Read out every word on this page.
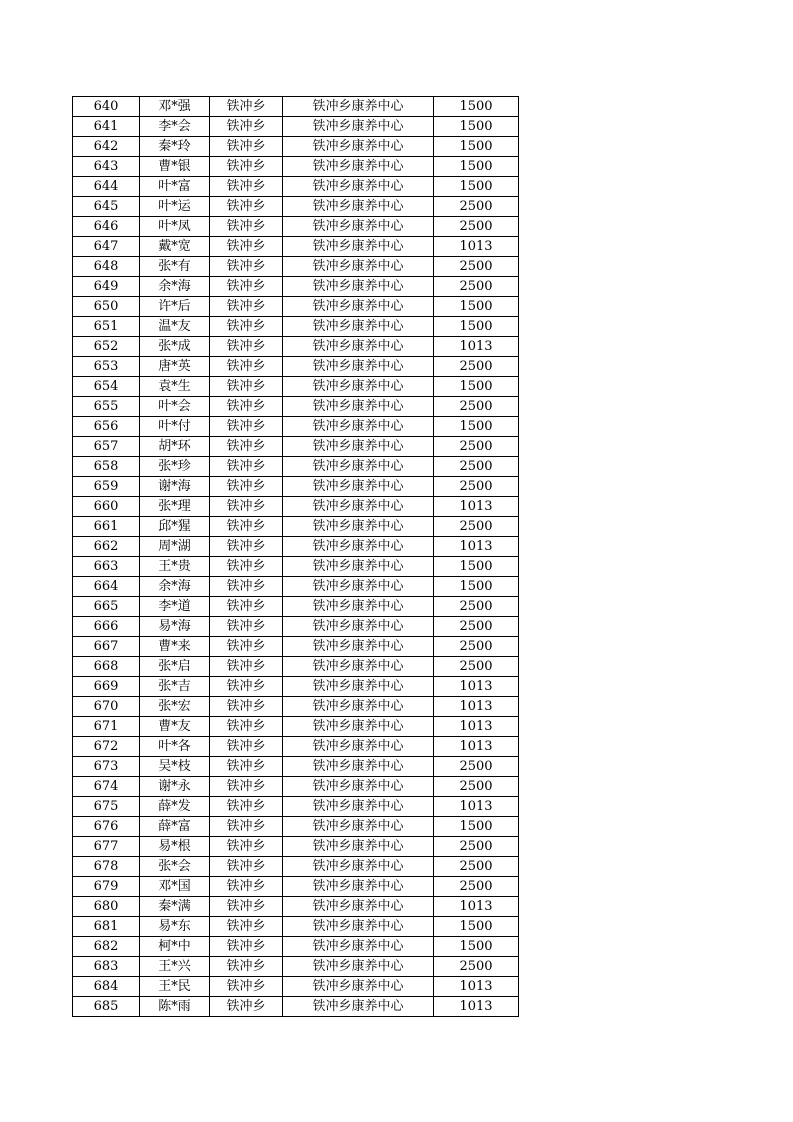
640	邓*强	铁冲乡	铁冲乡康养中心	1500
641	李*会	铁冲乡	铁冲乡康养中心	1500
642	秦*玲	铁冲乡	铁冲乡康养中心	1500
643	曹*银	铁冲乡	铁冲乡康养中心	1500
644	叶*富	铁冲乡	铁冲乡康养中心	1500
645	叶*运	铁冲乡	铁冲乡康养中心	2500
646	叶*凤	铁冲乡	铁冲乡康养中心	2500
647	戴*宽	铁冲乡	铁冲乡康养中心	1013
648	张*有	铁冲乡	铁冲乡康养中心	2500
649	余*海	铁冲乡	铁冲乡康养中心	2500
650	许*后	铁冲乡	铁冲乡康养中心	1500
651	温*友	铁冲乡	铁冲乡康养中心	1500
652	张*成	铁冲乡	铁冲乡康养中心	1013
653	唐*英	铁冲乡	铁冲乡康养中心	2500
654	袁*生	铁冲乡	铁冲乡康养中心	1500
655	叶*会	铁冲乡	铁冲乡康养中心	2500
656	叶*付	铁冲乡	铁冲乡康养中心	1500
657	胡*环	铁冲乡	铁冲乡康养中心	2500
658	张*珍	铁冲乡	铁冲乡康养中心	2500
659	谢*海	铁冲乡	铁冲乡康养中心	2500
660	张*理	铁冲乡	铁冲乡康养中心	1013
661	邱*猩	铁冲乡	铁冲乡康养中心	2500
662	周*湖	铁冲乡	铁冲乡康养中心	1013
663	王*贵	铁冲乡	铁冲乡康养中心	1500
664	余*海	铁冲乡	铁冲乡康养中心	1500
665	李*道	铁冲乡	铁冲乡康养中心	2500
666	易*海	铁冲乡	铁冲乡康养中心	2500
667	曹*来	铁冲乡	铁冲乡康养中心	2500
668	张*启	铁冲乡	铁冲乡康养中心	2500
669	张*吉	铁冲乡	铁冲乡康养中心	1013
670	张*宏	铁冲乡	铁冲乡康养中心	1013
671	曹*友	铁冲乡	铁冲乡康养中心	1013
672	叶*各	铁冲乡	铁冲乡康养中心	1013
673	吴*枝	铁冲乡	铁冲乡康养中心	2500
674	谢*永	铁冲乡	铁冲乡康养中心	2500
675	薛*发	铁冲乡	铁冲乡康养中心	1013
676	薛*富	铁冲乡	铁冲乡康养中心	1500
677	易*根	铁冲乡	铁冲乡康养中心	2500
678	张*会	铁冲乡	铁冲乡康养中心	2500
679	邓*国	铁冲乡	铁冲乡康养中心	2500
680	秦*满	铁冲乡	铁冲乡康养中心	1013
681	易*东	铁冲乡	铁冲乡康养中心	1500
682	柯*中	铁冲乡	铁冲乡康养中心	1500
683	王*兴	铁冲乡	铁冲乡康养中心	2500
684	王*民	铁冲乡	铁冲乡康养中心	1013
685	陈*雨	铁冲乡	铁冲乡康养中心	1013
